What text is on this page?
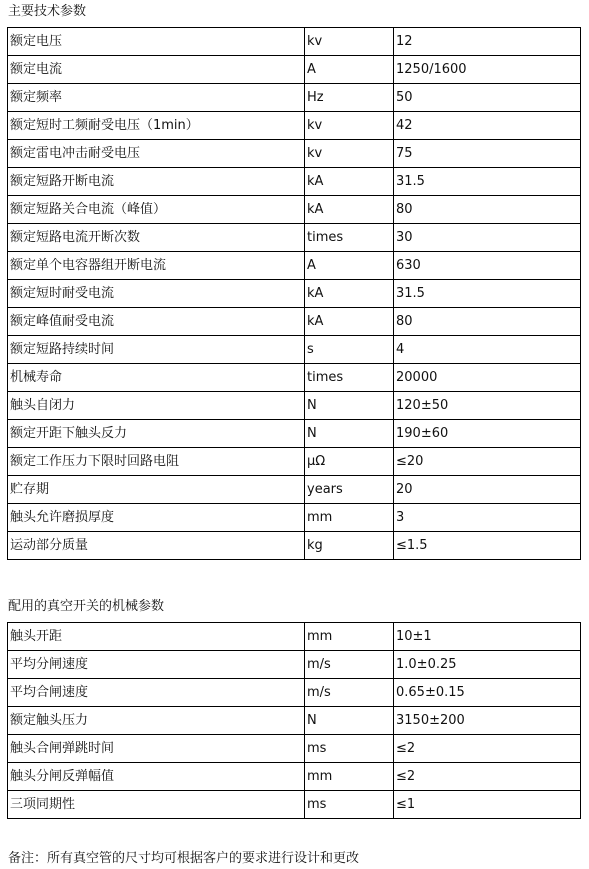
主要技术参数
额定电压	kv	12
额定电流	A	1250/1600
额定频率	Hz	50
额定短时工频耐受电压（1min）	kv	42
额定雷电冲击耐受电压	kv	75
额定短路开断电流	kA	31.5
额定短路关合电流（峰值）	kA	80
额定短路电流开断次数	times	30
额定单个电容器组开断电流	A	630
额定短时耐受电流	kA	31.5
额定峰值耐受电流	kA	80
额定短路持续时间	s	4
机械寿命	times	20000
触头自闭力	N	120±50
额定开距下触头反力	N	190±60
额定工作压力下限时回路电阻	μΩ	≤20
贮存期	years	20
触头允许磨损厚度	mm	3
运动部分质量	kg	≤1.5
配用的真空开关的机械参数
触头开距	mm	10±1
平均分闸速度	m/s	1.0±0.25
平均合闸速度	m/s	0.65±0.15
额定触头压力	N	3150±200
触头合闸弹跳时间	ms	≤2
触头分闸反弹幅值	mm	≤2
三项同期性	ms	≤1
备注：所有真空管的尺寸均可根据客户的要求进行设计和更改
